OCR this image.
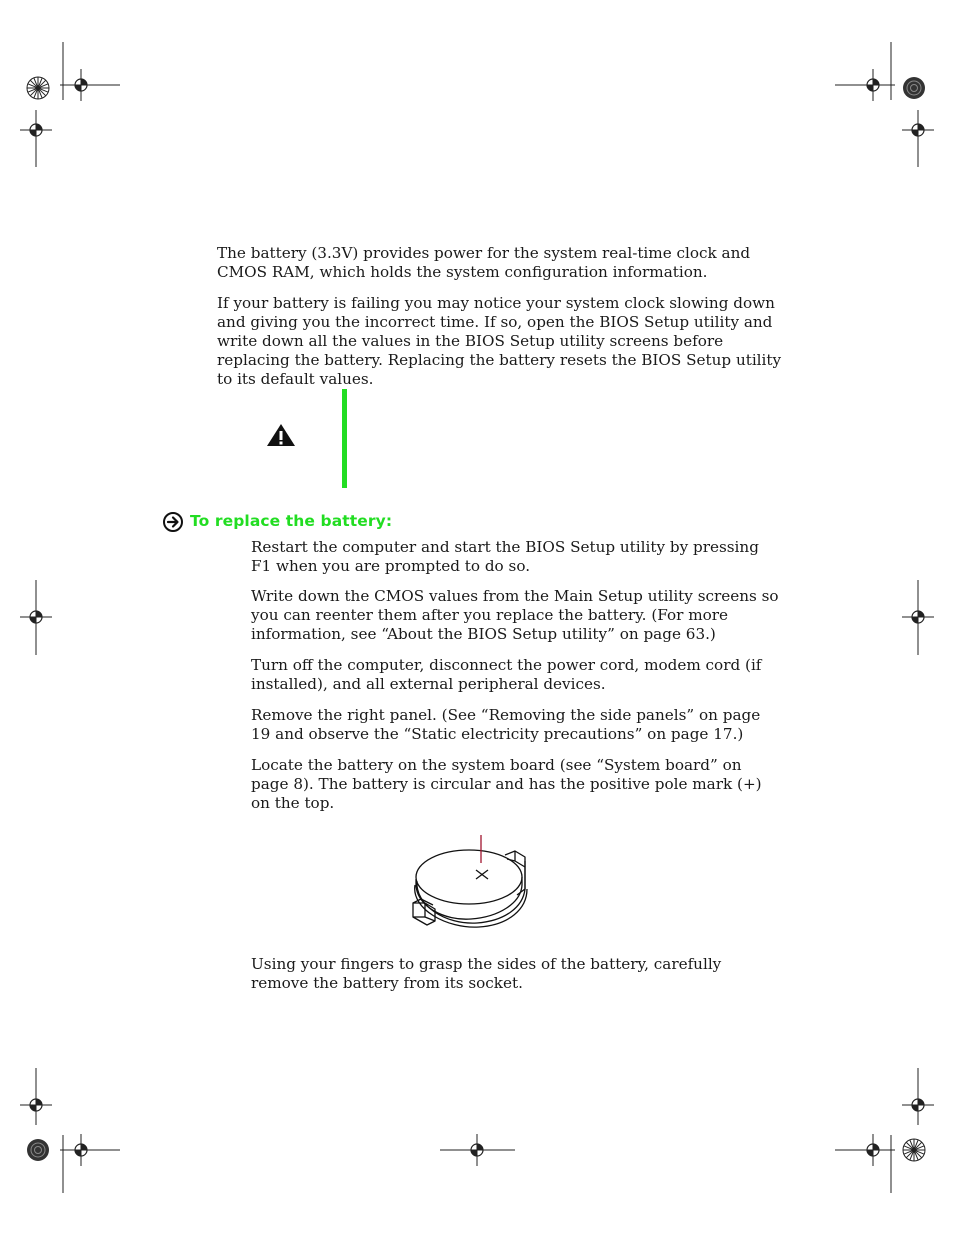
The battery (3.3V) provides power for the system real-time clock and CMOS RAM, which holds the system configuration information.

If your battery is failing you may notice your system clock slowing down and giving you the incorrect time. If so, open the BIOS Setup utility and write down all the values in the BIOS Setup utility screens before replacing the battery. Replacing the battery resets the BIOS Setup utility to its default values.

To replace the battery:

Restart the computer and start the BIOS Setup utility by pressing F1 when you are prompted to do so.

Write down the CMOS values from the Main Setup utility screens so you can reenter them after you replace the battery. (For more information, see “About the BIOS Setup utility” on page 63.)

Turn off the computer, disconnect the power cord, modem cord (if installed), and all external peripheral devices.

Remove the right panel. (See “Removing the side panels” on page 19 and observe the “Static electricity precautions” on page 17.)

Locate the battery on the system board (see “System board” on page 8). The battery is circular and has the positive pole mark (+) on the top.

Using your fingers to grasp the sides of the battery, carefully remove the battery from its socket.
